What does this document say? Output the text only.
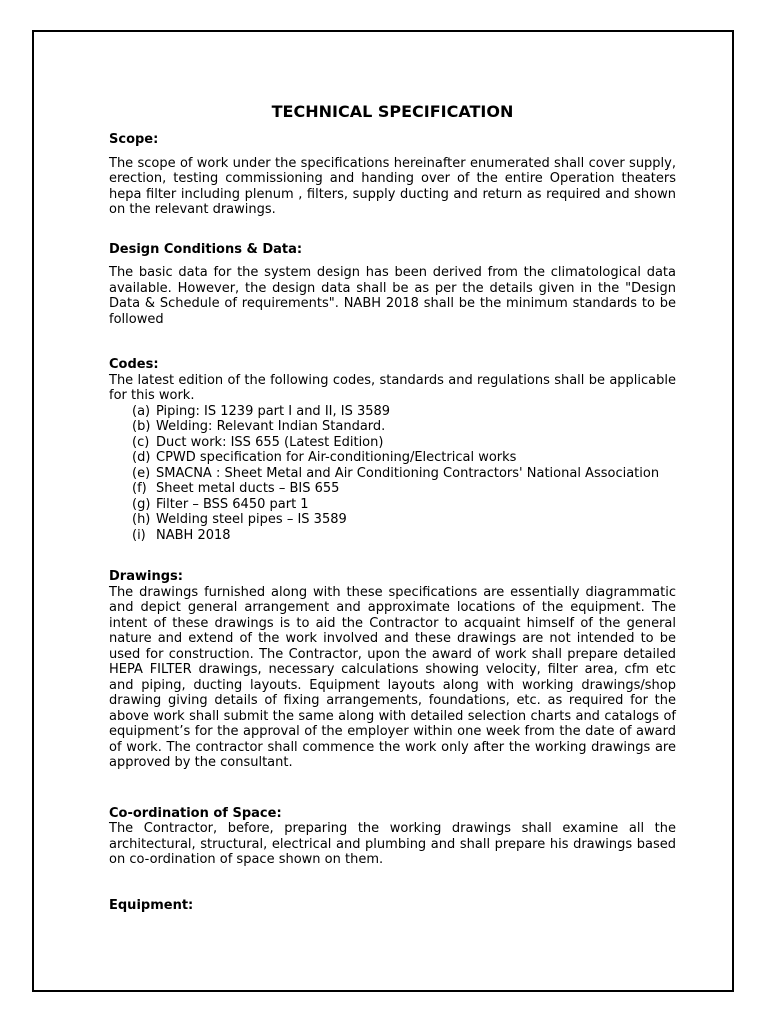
TECHNICAL SPECIFICATION

Scope:

The scope of work under the specifications hereinafter enumerated shall cover supply, erection, testing commissioning and handing over of the entire Operation theaters hepa filter including plenum , filters, supply ducting and return as required and shown on the relevant drawings.

Design Conditions & Data:

The basic data for the system design has been derived from the climatological data available. However, the design data shall be as per the details given in the "Design Data & Schedule of requirements". NABH 2018 shall be the minimum standards to be followed

Codes:

The latest edition of the following codes, standards and regulations shall be applicable for this work.

(a) Piping: IS 1239 part I and II, IS 3589
(b) Welding: Relevant Indian Standard.
(c) Duct work: ISS 655 (Latest Edition)
(d) CPWD specification for Air-conditioning/Electrical works
(e) SMACNA : Sheet Metal and Air Conditioning Contractors' National Association
(f) Sheet metal ducts – BIS 655
(g) Filter – BSS 6450 part 1
(h) Welding steel pipes – IS 3589
(i) NABH 2018

Drawings:

The drawings furnished along with these specifications are essentially diagrammatic and depict general arrangement and approximate locations of the equipment. The intent of these drawings is to aid the Contractor to acquaint himself of the general nature and extend of the work involved and these drawings are not intended to be used for construction. The Contractor, upon the award of work shall prepare detailed HEPA FILTER drawings, necessary calculations showing velocity, filter area, cfm etc and piping, ducting layouts. Equipment layouts along with working drawings/shop drawing giving details of fixing arrangements, foundations, etc. as required for the above work shall submit the same along with detailed selection charts and catalogs of equipment’s for the approval of the employer within one week from the date of award of work. The contractor shall commence the work only after the working drawings are approved by the consultant.

Co-ordination of Space:

The Contractor, before, preparing the working drawings shall examine all the architectural, structural, electrical and plumbing and shall prepare his drawings based on co-ordination of space shown on them.

Equipment:
